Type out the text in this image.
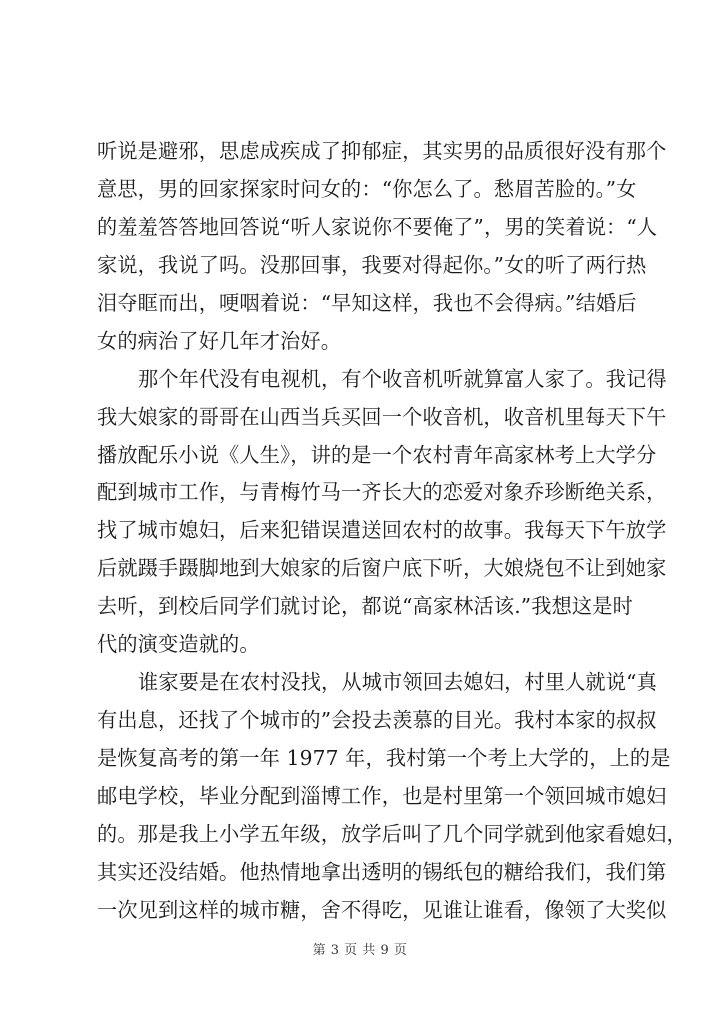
听说是避邪，思虑成疾成了抑郁症，其实男的品质很好没有那个
意思，男的回家探家时问女的：“你怎么了。愁眉苦脸的。”女
的羞羞答答地回答说“听人家说你不要俺了”，男的笑着说：“人
家说，我说了吗。没那回事，我要对得起你。”女的听了两行热
泪夺眶而出，哽咽着说：“早知这样，我也不会得病。”结婚后
女的病治了好几年才治好。
那个年代没有电视机，有个收音机听就算富人家了。我记得
我大娘家的哥哥在山西当兵买回一个收音机，收音机里每天下午
播放配乐小说《人生》，讲的是一个农村青年高家林考上大学分
配到城市工作，与青梅竹马一齐长大的恋爱对象乔珍断绝关系，
找了城市媳妇，后来犯错误遣送回农村的故事。我每天下午放学
后就蹑手蹑脚地到大娘家的后窗户底下听，大娘烧包不让到她家
去听，到校后同学们就讨论，都说“高家林活该.”我想这是时
代的演变造就的。
谁家要是在农村没找，从城市领回去媳妇，村里人就说“真
有出息，还找了个城市的”会投去羡慕的目光。我村本家的叔叔
是恢复高考的第一年 1977 年，我村第一个考上大学的，上的是
邮电学校，毕业分配到淄博工作，也是村里第一个领回城市媳妇
的。那是我上小学五年级，放学后叫了几个同学就到他家看媳妇，
其实还没结婚。他热情地拿出透明的锡纸包的糖给我们，我们第
一次见到这样的城市糖，舍不得吃，见谁让谁看，像领了大奖似
第 3 页 共 9 页
